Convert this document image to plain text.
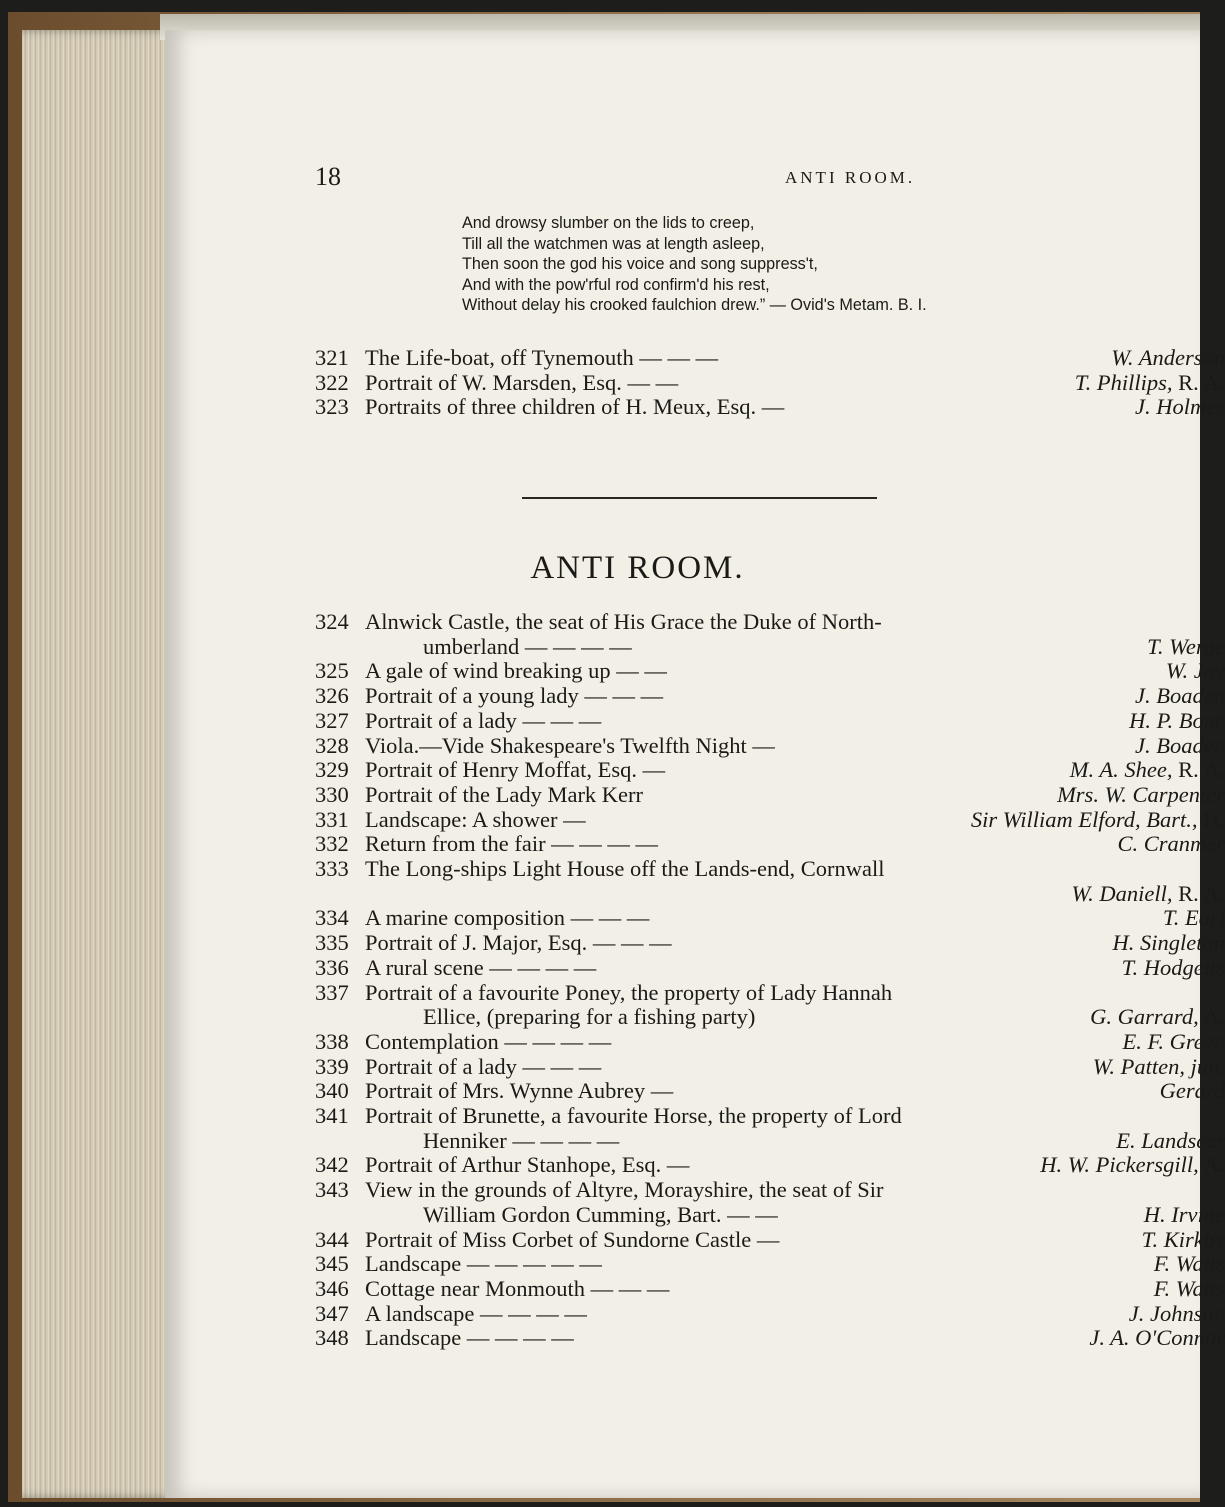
18	ANTI ROOM.
And drowsy slumber on the lids to creep,
Till all the watchmen was at length asleep,
Then soon the god his voice and song suppress't,
And with the pow'rful rod confirm'd his rest,
Without delay his crooked faulchion drew.” — Ovid's Metam. B. I.
321 The Life-boat, off Tynemouth — — —	W. Anderson
322 Portrait of W. Marsden, Esq. — —	T. Phillips, R. A.
323 Portraits of three children of H. Meux, Esq. —	J. Holmes
ANTI ROOM.
324 Alnwick Castle, the seat of His Grace the Duke of North-
umberland — — — —	T. Werge
325 A gale of wind breaking up — —	W. Joy
326 Portrait of a young lady — — —	J. Boaden
327 Portrait of a lady — — —	H. P. Bone
328 Viola.—Vide Shakespeare's Twelfth Night —	J. Boaden
329 Portrait of Henry Moffat, Esq. —	M. A. Shee, R. A.
330 Portrait of the Lady Mark Kerr	Mrs. W. Carpenter
331 Landscape: A shower —	Sir William Elford, Bart., H.
332 Return from the fair — — — —	C. Cranmer
333 The Long-ships Light House off the Lands-end, Cornwall
W. Daniell, R. A.
334 A marine composition — — —	T. Earl
335 Portrait of J. Major, Esq. — — —	H. Singleton
336 A rural scene — — — —	T. Hodgetts
337 Portrait of a favourite Poney, the property of Lady Hannah
Ellice, (preparing for a fishing party)	G. Garrard, A.
338 Contemplation — — — —	E. F. Green
339 Portrait of a lady — — —	W. Patten, jun.
340 Portrait of Mrs. Wynne Aubrey —	Gerard
341 Portrait of Brunette, a favourite Horse, the property of Lord
Henniker — — — —	E. Landseer
342 Portrait of Arthur Stanhope, Esq. —	H. W. Pickersgill, A.
343 View in the grounds of Altyre, Morayshire, the seat of Sir
William Gordon Cumming, Bart. — —	H. Irvine
344 Portrait of Miss Corbet of Sundorne Castle —	T. Kirkby
345 Landscape — — — — —	F. Watts
346 Cottage near Monmouth — — —	F. Watts
347 A landscape — — — —	J. Johnson
348 Landscape — — — —	J. A. O'Connor
